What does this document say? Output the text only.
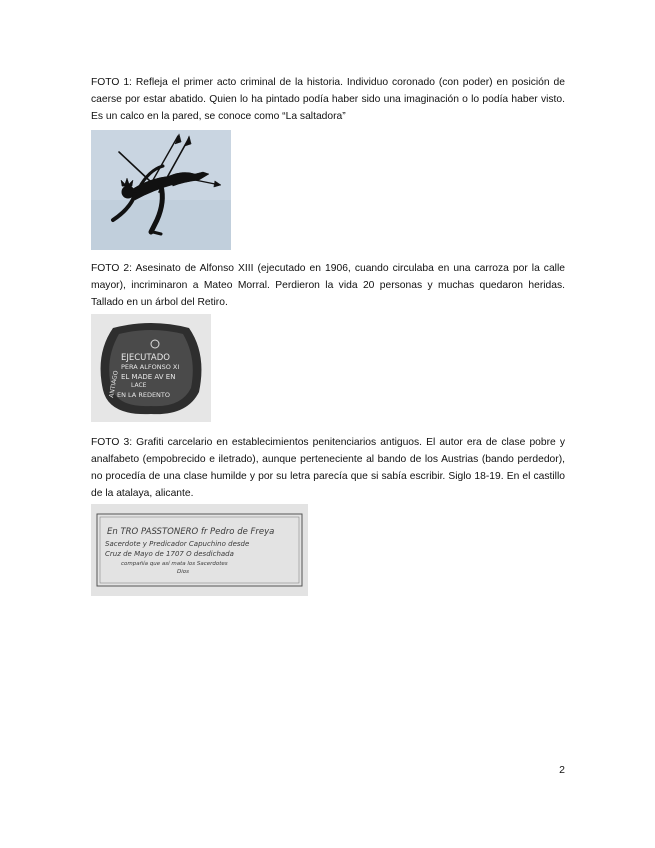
FOTO 1: Refleja el primer acto criminal de la historia. Individuo coronado (con poder) en posición de caerse por estar abatido. Quien lo ha pintado podía haber sido una imaginación o lo podía haber visto. Es un calco en la pared, se conoce como “La saltadora”

FOTO 2: Asesinato de Alfonso XIII (ejecutado en 1906, cuando circulaba en una carroza por la calle mayor), incriminaron a Mateo Morral. Perdieron la vida 20 personas y muchas quedaron heridas. Tallado en un árbol del Retiro.

EJECUTADO
PERA ALFONSO XI
EL MADE AV EN
LACE
EN LA REDENTO
ANTIAGO

FOTO 3: Grafiti carcelario en establecimientos penitenciarios antiguos. El autor era de clase pobre y analfabeto (empobrecido e iletrado), aunque perteneciente al bando de los Austrias (bando perdedor), no procedía de una clase humilde y por su letra parecía que si sabía escribir. Siglo 18-19. En el castillo de la atalaya, alicante.

En TRO PASSTONERO fr Pedro de Freya
Sacerdote y Predicador Capuchino desde
Cruz de Mayo de 1707 O desdichada
compañía que así mata los Sacerdotes
Dios
2
